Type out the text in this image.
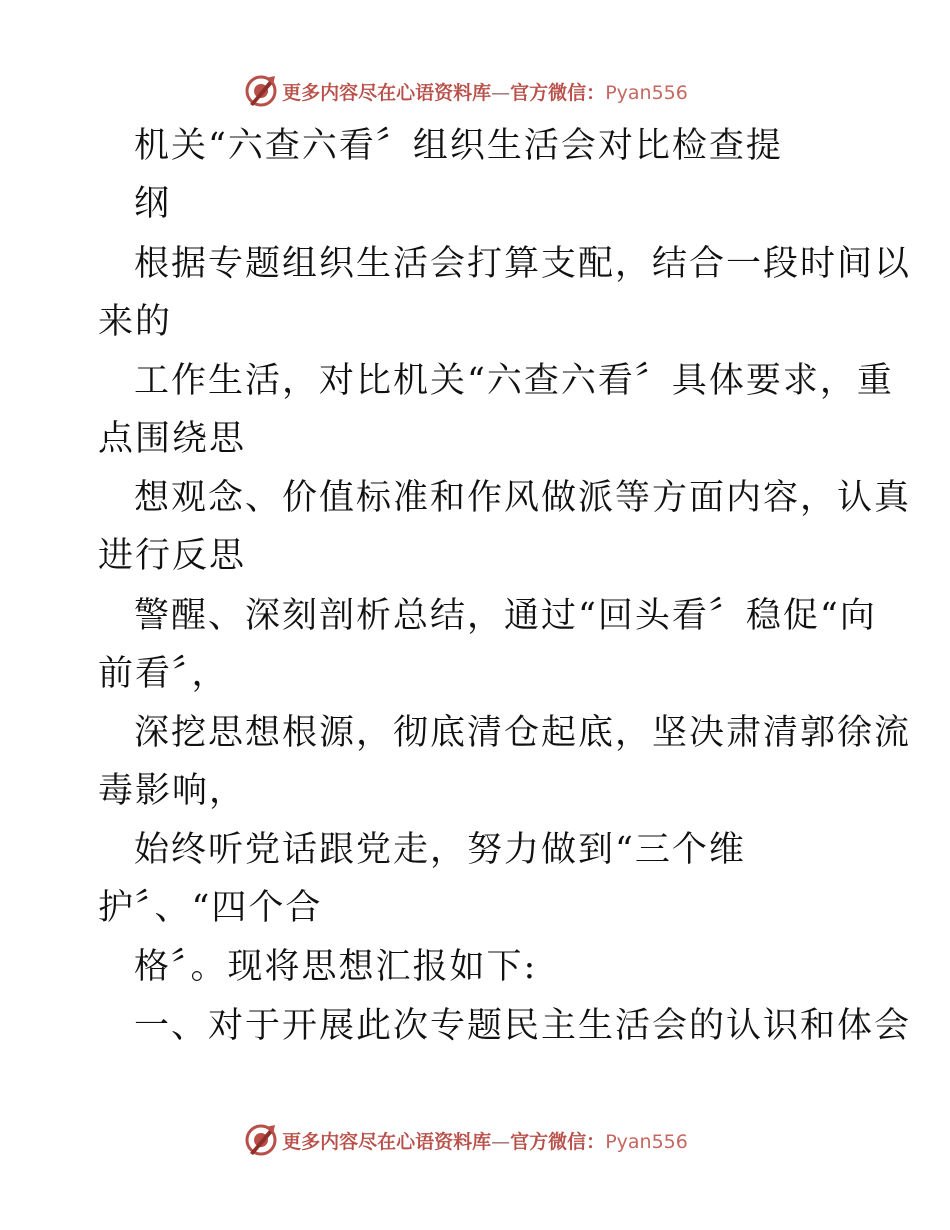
更多内容尽在心语资料库—官方微信：Pyan556
机关“六查六看〞组织生活会对比检查提
纲
根据专题组织生活会打算支配，结合一段时间以
来的
工作生活，对比机关“六查六看〞具体要求，重
点围绕思
想观念、价值标准和作风做派等方面内容，认真
进行反思
警醒、深刻剖析总结，通过“回头看〞稳促“向
前看〞，
深挖思想根源，彻底清仓起底，坚决肃清郭徐流
毒影响，
始终听党话跟党走，努力做到“三个维
护〞、“四个合
格〞。现将思想汇报如下:
一、对于开展此次专题民主生活会的认识和体会
更多内容尽在心语资料库—官方微信：Pyan556
